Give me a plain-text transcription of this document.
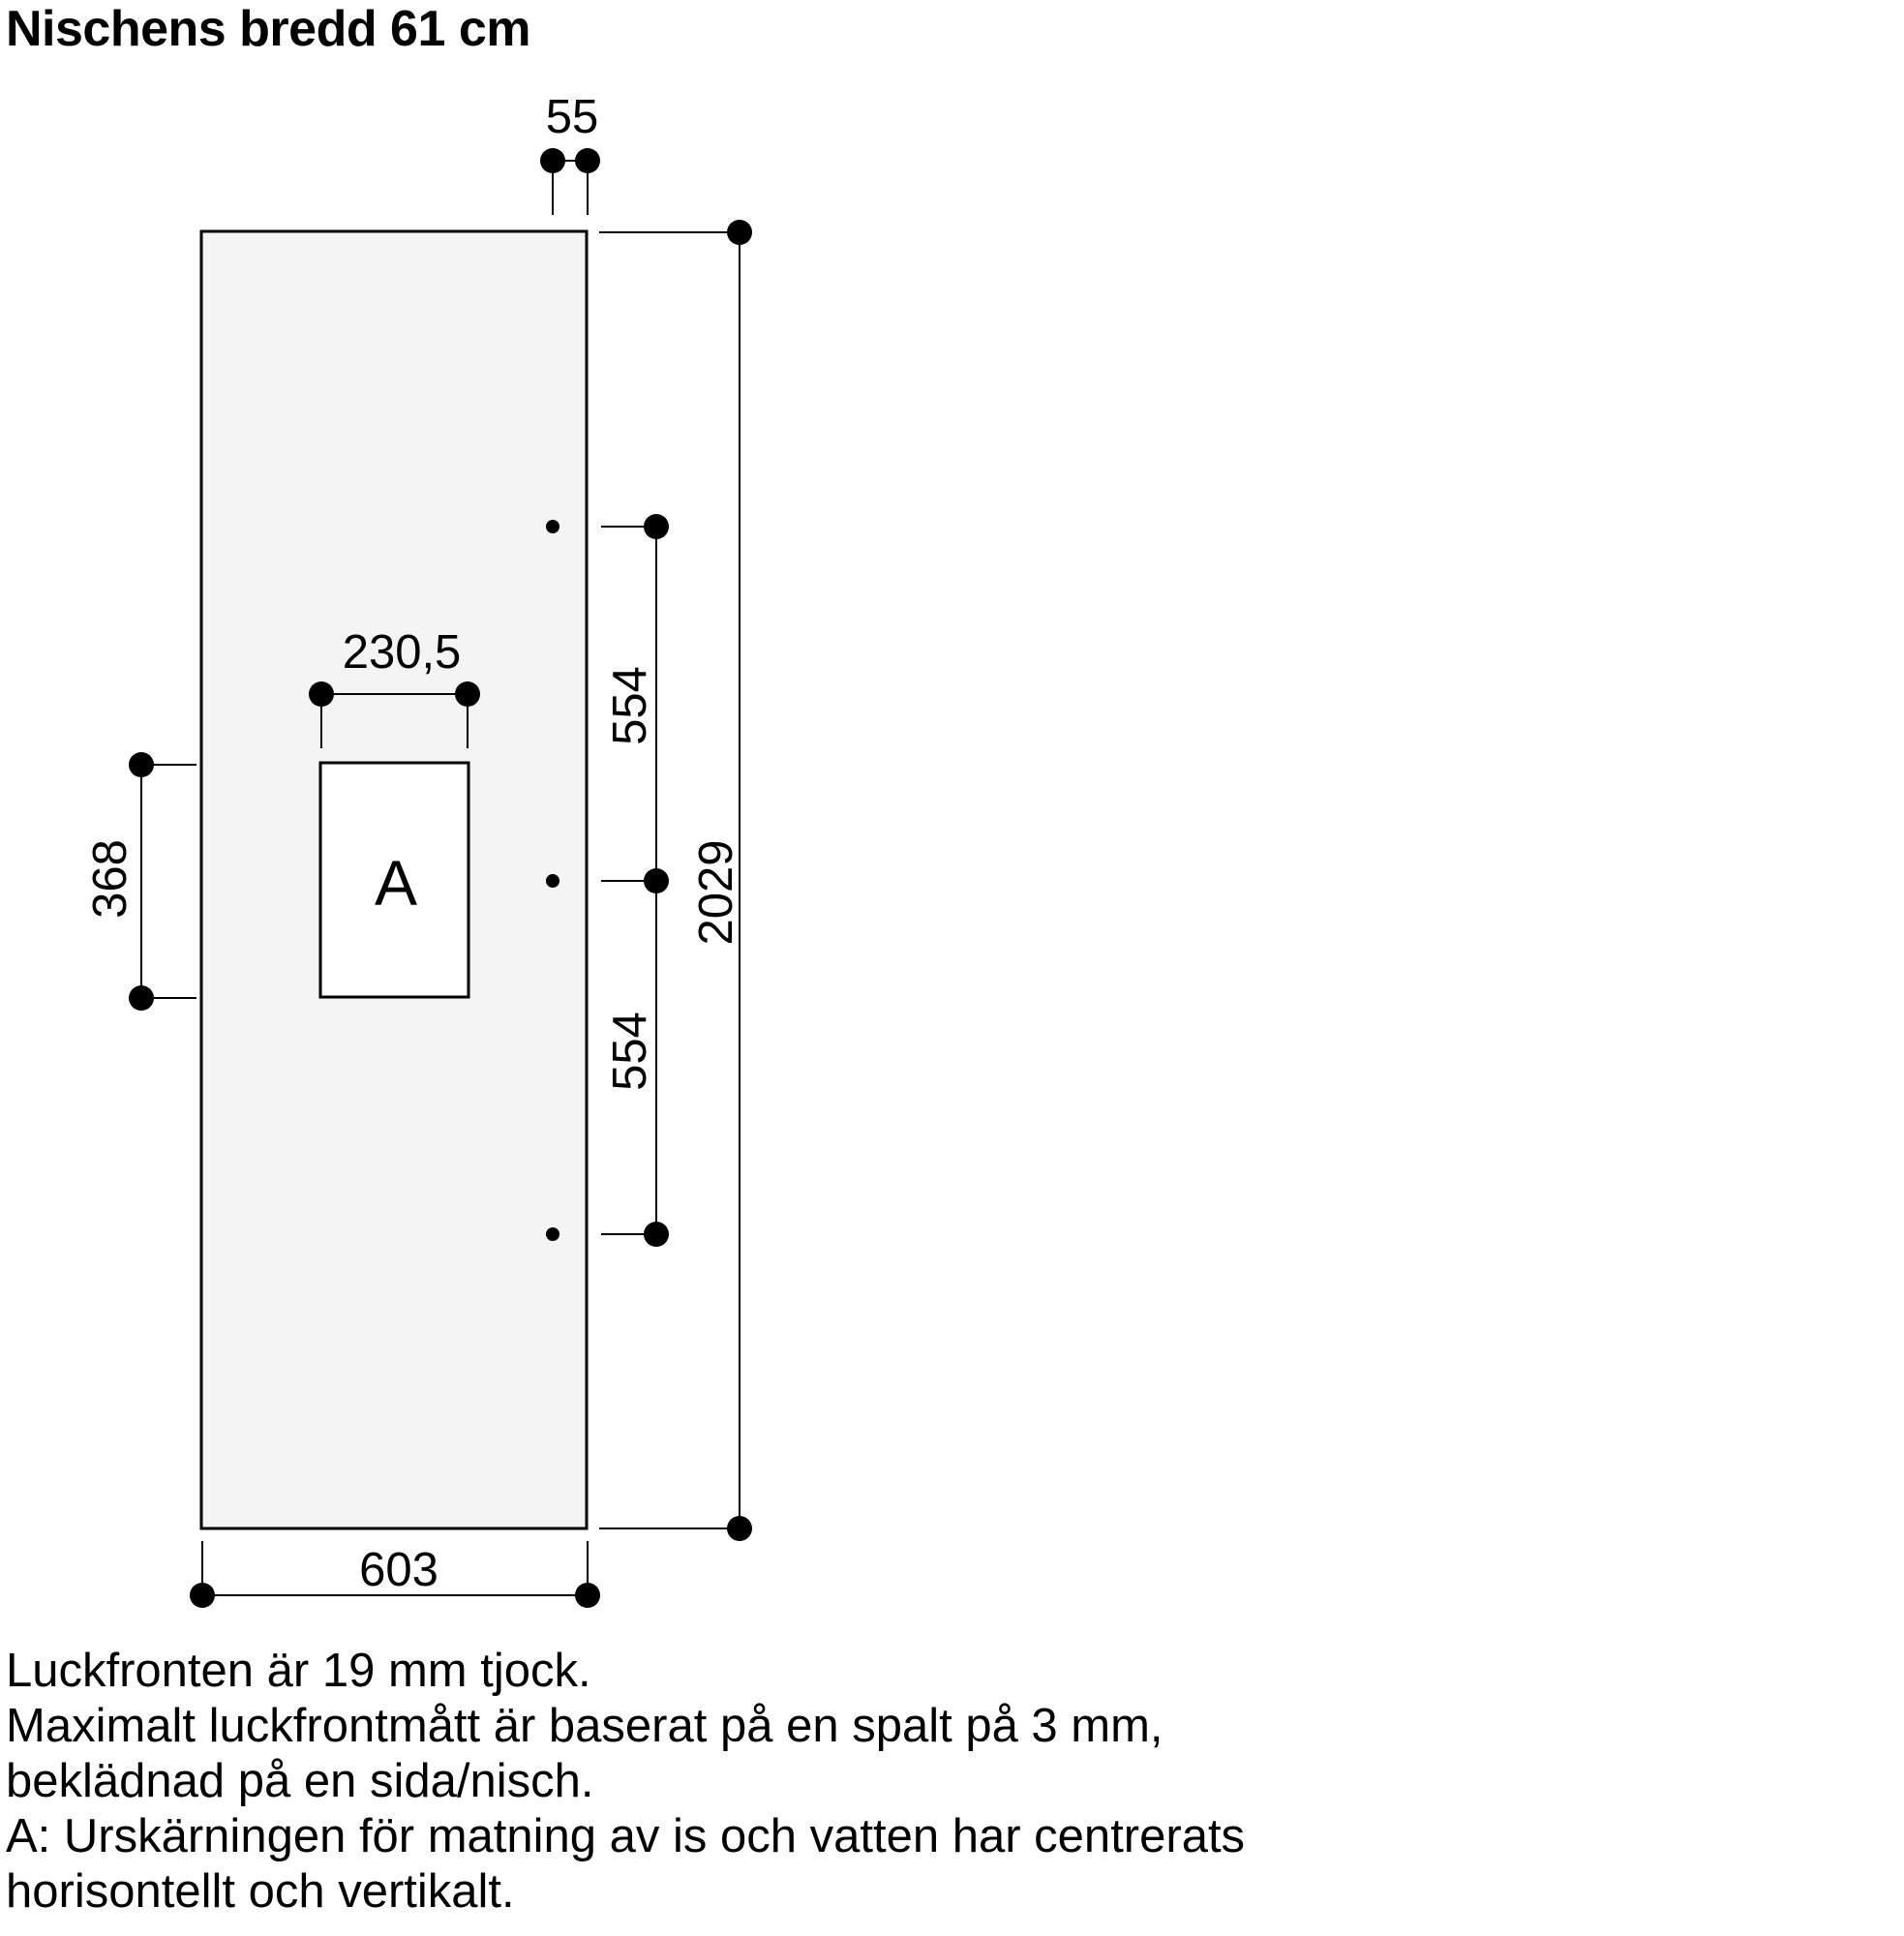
Nischens bredd 61 cm
A
55
2029
554
554
230,5
368
603
Luckfronten är 19 mm tjock.
Maximalt luckfrontmått är baserat på en spalt på 3 mm,
beklädnad på en sida/nisch.
A: Urskärningen för matning av is och vatten har centrerats
horisontellt och vertikalt.
